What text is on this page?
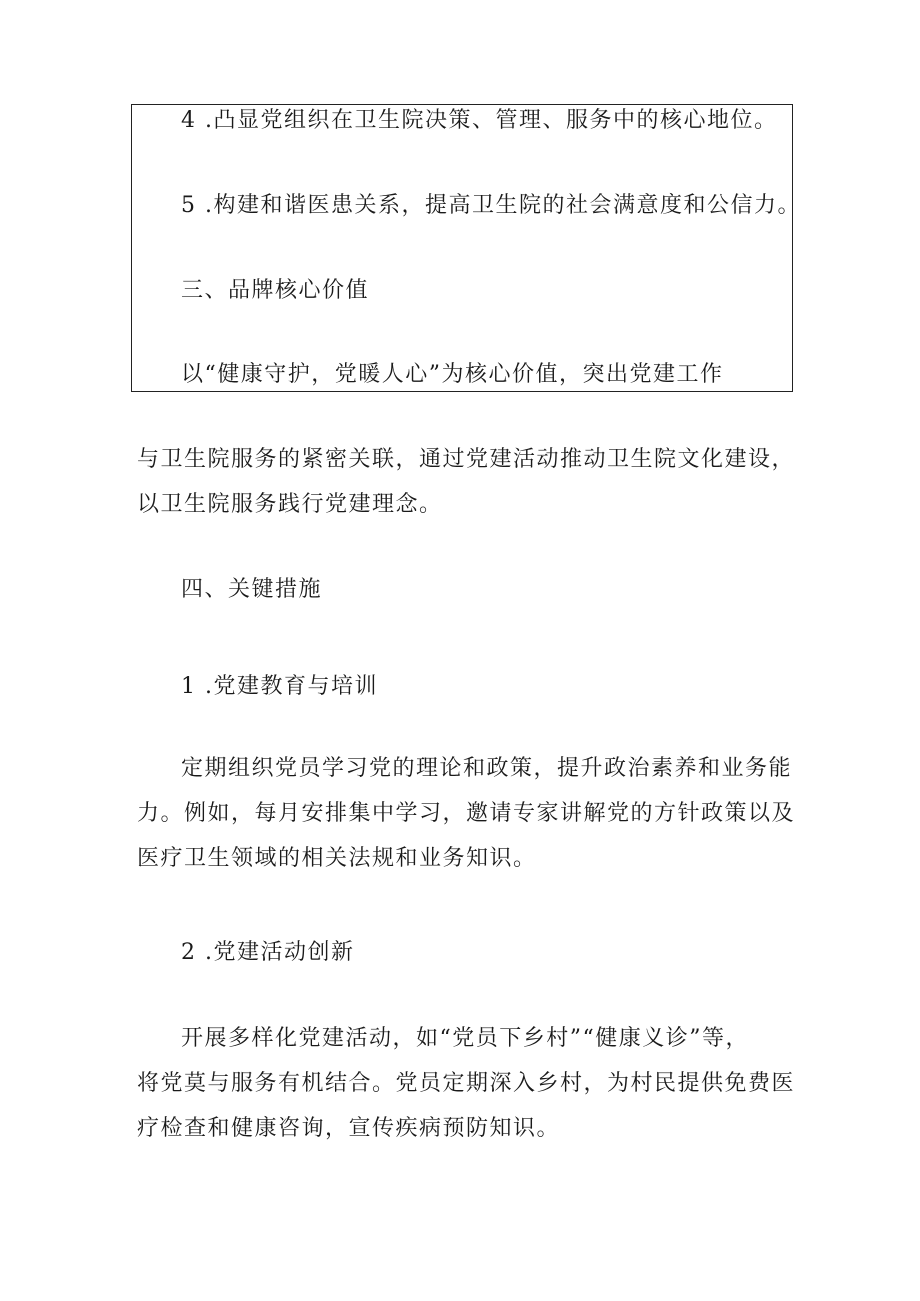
4 .凸显党组织在卫生院决策、管理、服务中的核心地位。
5 .构建和谐医患关系，提高卫生院的社会满意度和公信力。
三、品牌核心价值
以“健康守护，党暖人心”为核心价值，突出党建工作
与卫生院服务的紧密关联，通过党建活动推动卫生院文化建设，
以卫生院服务践行党建理念。
四、关键措施
1 .党建教育与培训
定期组织党员学习党的理论和政策，提升政治素养和业务能
力。例如，每月安排集中学习，邀请专家讲解党的方针政策以及
医疗卫生领域的相关法规和业务知识。
2 .党建活动创新
开展多样化党建活动，如“党员下乡村”“健康义诊”等，
将党莫与服务有机结合。党员定期深入乡村，为村民提供免费医
疗检查和健康咨询，宣传疾病预防知识。
